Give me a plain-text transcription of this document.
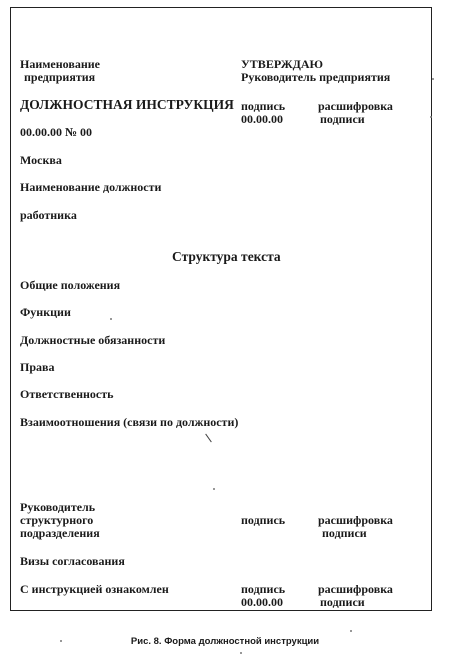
Наименование
предприятия
УТВЕРЖДАЮ
Руководитель предприятия
ДОЛЖНОСТНАЯ ИНСТРУКЦИЯ подпись
00.00.00
расшифровка
подписи
00.00.00 № 00
Москва
Наименование должности
работника
Структура текста
Общие положения
Функции
Должностные обязанности
Права
Ответственность
Взаимоотношения (связи по должности)
Руководитель
структурного
подразделения
подпись	расшифровка
подписи
Визы согласования
С инструкцией ознакомлен	подпись
00.00.00
расшифровка
подписи
Рис. 8. Форма должностной инструкции
